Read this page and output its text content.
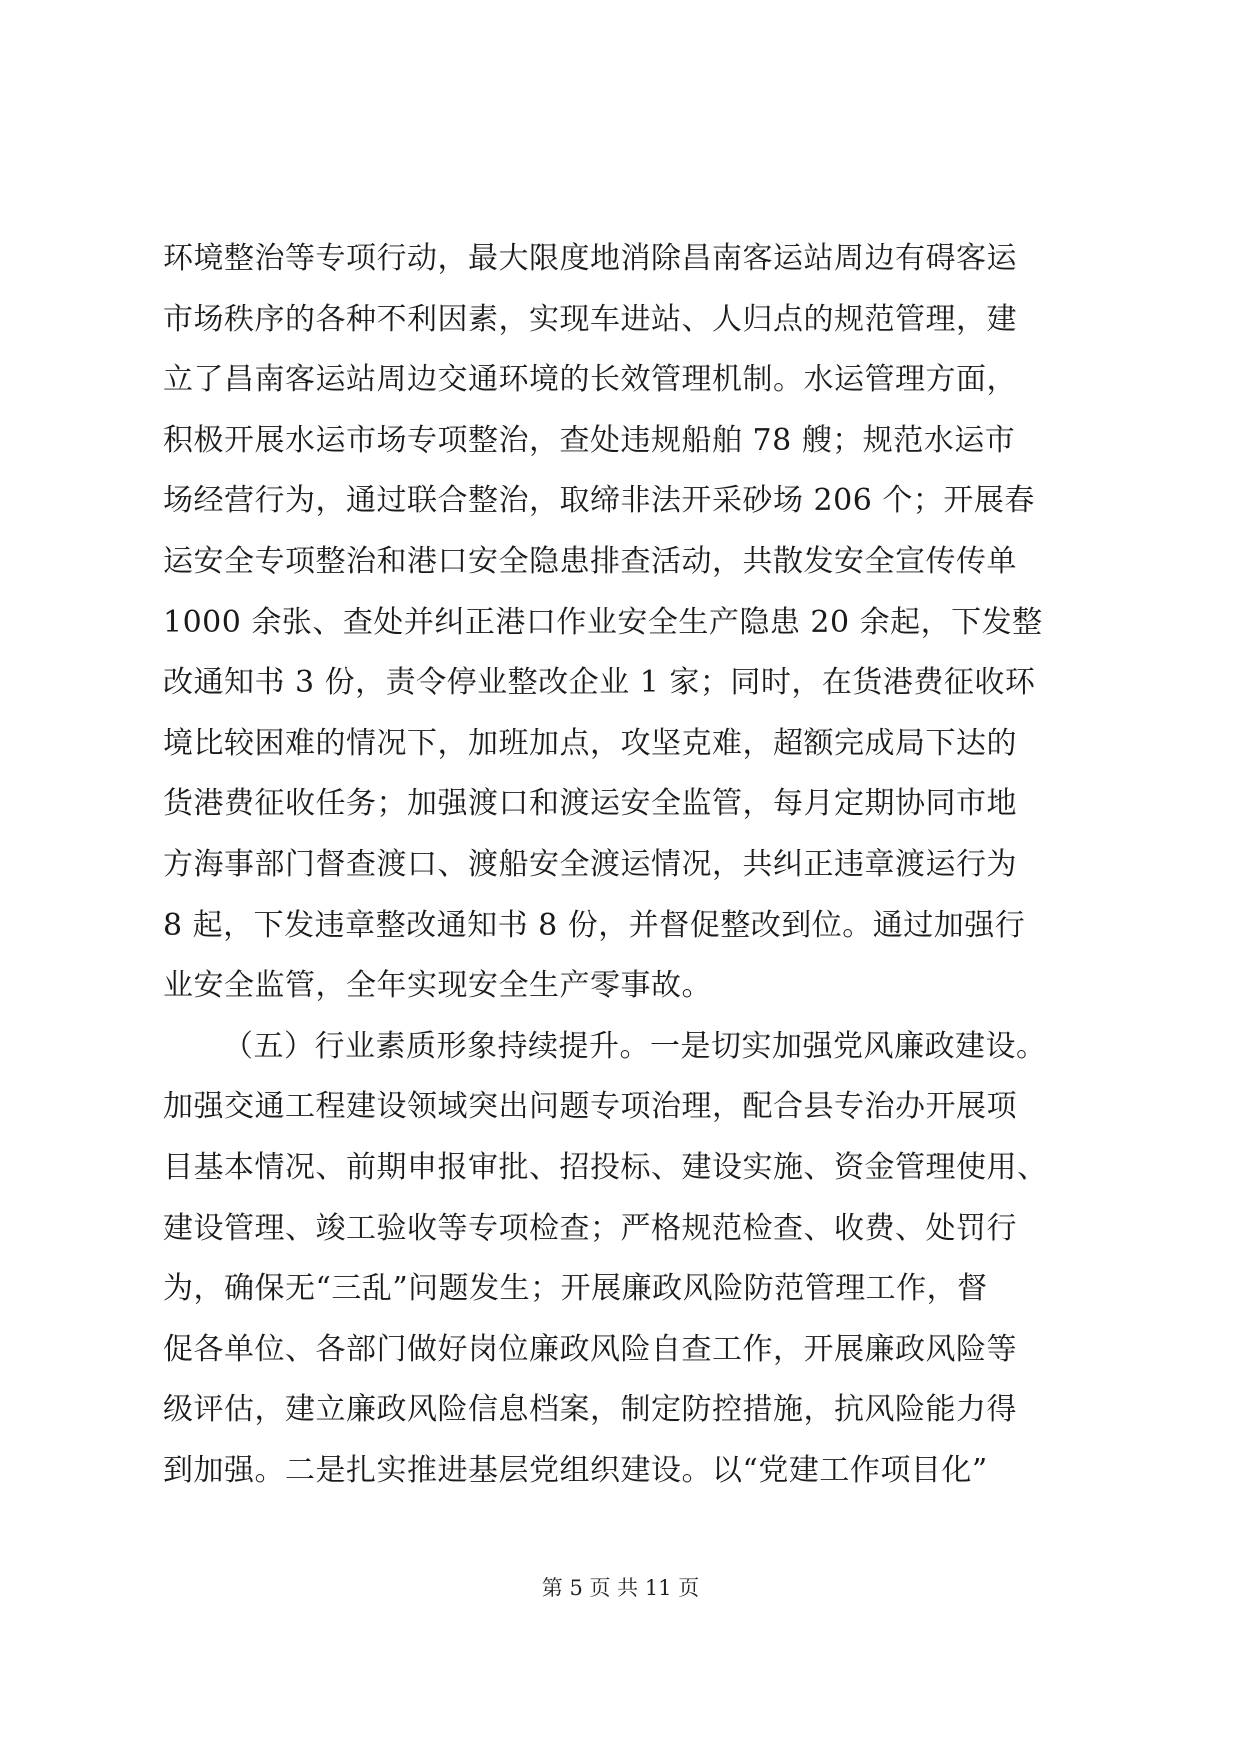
环境整治等专项行动，最大限度地消除昌南客运站周边有碍客运
市场秩序的各种不利因素，实现车进站、人归点的规范管理，建
立了昌南客运站周边交通环境的长效管理机制。水运管理方面，
积极开展水运市场专项整治，查处违规船舶 78 艘；规范水运市
场经营行为，通过联合整治，取缔非法开采砂场 206 个；开展春
运安全专项整治和港口安全隐患排查活动，共散发安全宣传传单
1000 余张、查处并纠正港口作业安全生产隐患 20 余起，下发整
改通知书 3 份，责令停业整改企业 1 家；同时，在货港费征收环
境比较困难的情况下，加班加点，攻坚克难，超额完成局下达的
货港费征收任务；加强渡口和渡运安全监管，每月定期协同市地
方海事部门督查渡口、渡船安全渡运情况，共纠正违章渡运行为
8 起，下发违章整改通知书 8 份，并督促整改到位。通过加强行
业安全监管，全年实现安全生产零事故。
（五）行业素质形象持续提升。一是切实加强党风廉政建设。
加强交通工程建设领域突出问题专项治理，配合县专治办开展项
目基本情况、前期申报审批、招投标、建设实施、资金管理使用、
建设管理、竣工验收等专项检查；严格规范检查、收费、处罚行
为，确保无“三乱”问题发生；开展廉政风险防范管理工作，督
促各单位、各部门做好岗位廉政风险自查工作，开展廉政风险等
级评估，建立廉政风险信息档案，制定防控措施，抗风险能力得
到加强。二是扎实推进基层党组织建设。以“党建工作项目化”
第 5 页 共 11 页
